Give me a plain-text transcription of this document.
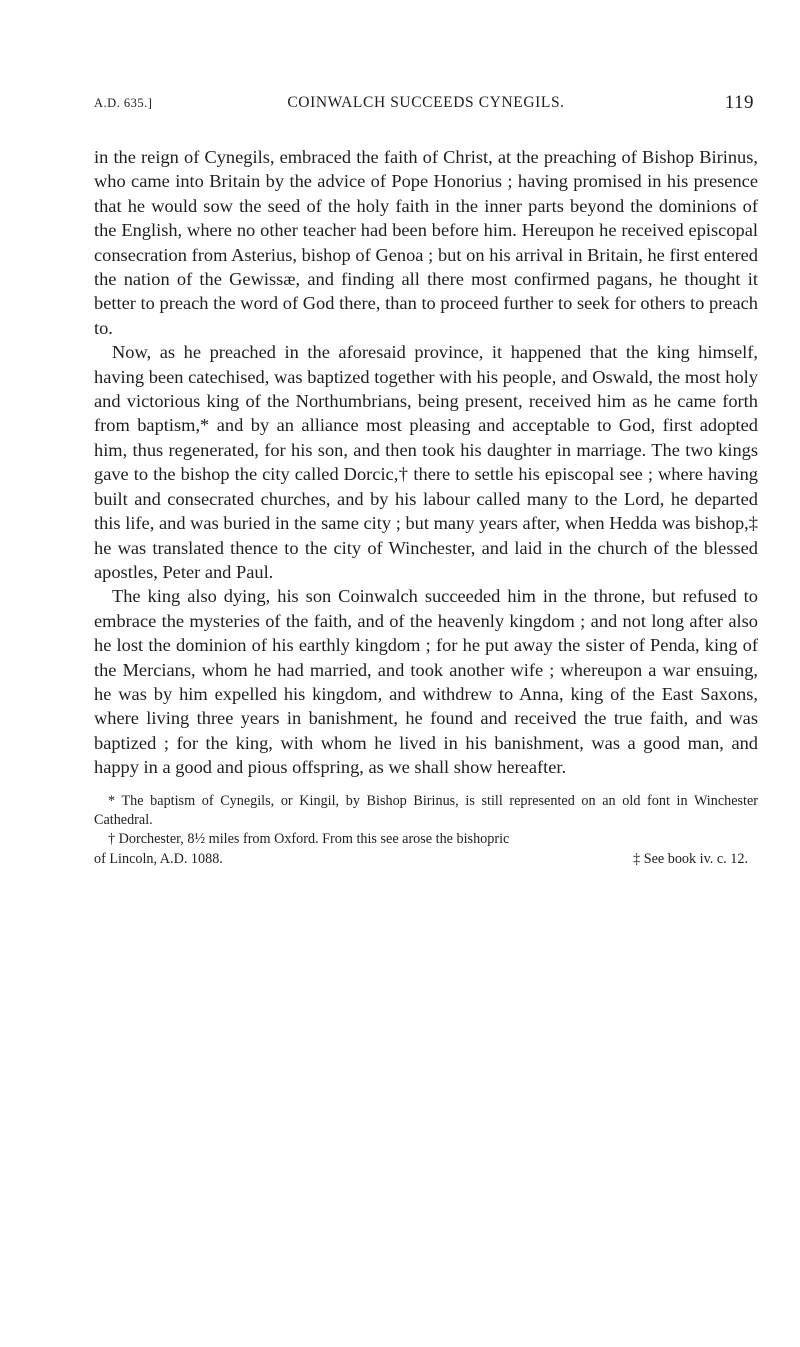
A.D. 635.]	COINWALCH SUCCEEDS CYNEGILS.	119

in the reign of Cynegils, embraced the faith of Christ, at the preaching of Bishop Birinus, who came into Britain by the advice of Pope Honorius ; having promised in his presence that he would sow the seed of the holy faith in the inner parts beyond the dominions of the English, where no other teacher had been before him. Hereupon he received episcopal consecration from Asterius, bishop of Genoa ; but on his arrival in Britain, he first entered the nation of the Gewissæ, and finding all there most confirmed pagans, he thought it better to preach the word of God there, than to proceed further to seek for others to preach to.

Now, as he preached in the aforesaid province, it happened that the king himself, having been catechised, was baptized together with his people, and Oswald, the most holy and victorious king of the Northumbrians, being present, received him as he came forth from baptism,* and by an alliance most pleasing and acceptable to God, first adopted him, thus regenerated, for his son, and then took his daughter in marriage. The two kings gave to the bishop the city called Dorcic,† there to settle his episcopal see ; where having built and consecrated churches, and by his labour called many to the Lord, he departed this life, and was buried in the same city ; but many years after, when Hedda was bishop,‡ he was translated thence to the city of Winchester, and laid in the church of the blessed apostles, Peter and Paul.

The king also dying, his son Coinwalch succeeded him in the throne, but refused to embrace the mysteries of the faith, and of the heavenly kingdom ; and not long after also he lost the dominion of his earthly kingdom ; for he put away the sister of Penda, king of the Mercians, whom he had married, and took another wife ; whereupon a war ensuing, he was by him expelled his kingdom, and withdrew to Anna, king of the East Saxons, where living three years in banishment, he found and received the true faith, and was baptized ; for the king, with whom he lived in his banishment, was a good man, and happy in a good and pious offspring, as we shall show hereafter.

* The baptism of Cynegils, or Kingil, by Bishop Birinus, is still represented on an old font in Winchester Cathedral.

† Dorchester, 8½ miles from Oxford. From this see arose the bishopric

of Lincoln, A.D. 1088.	‡ See book iv. c. 12.
